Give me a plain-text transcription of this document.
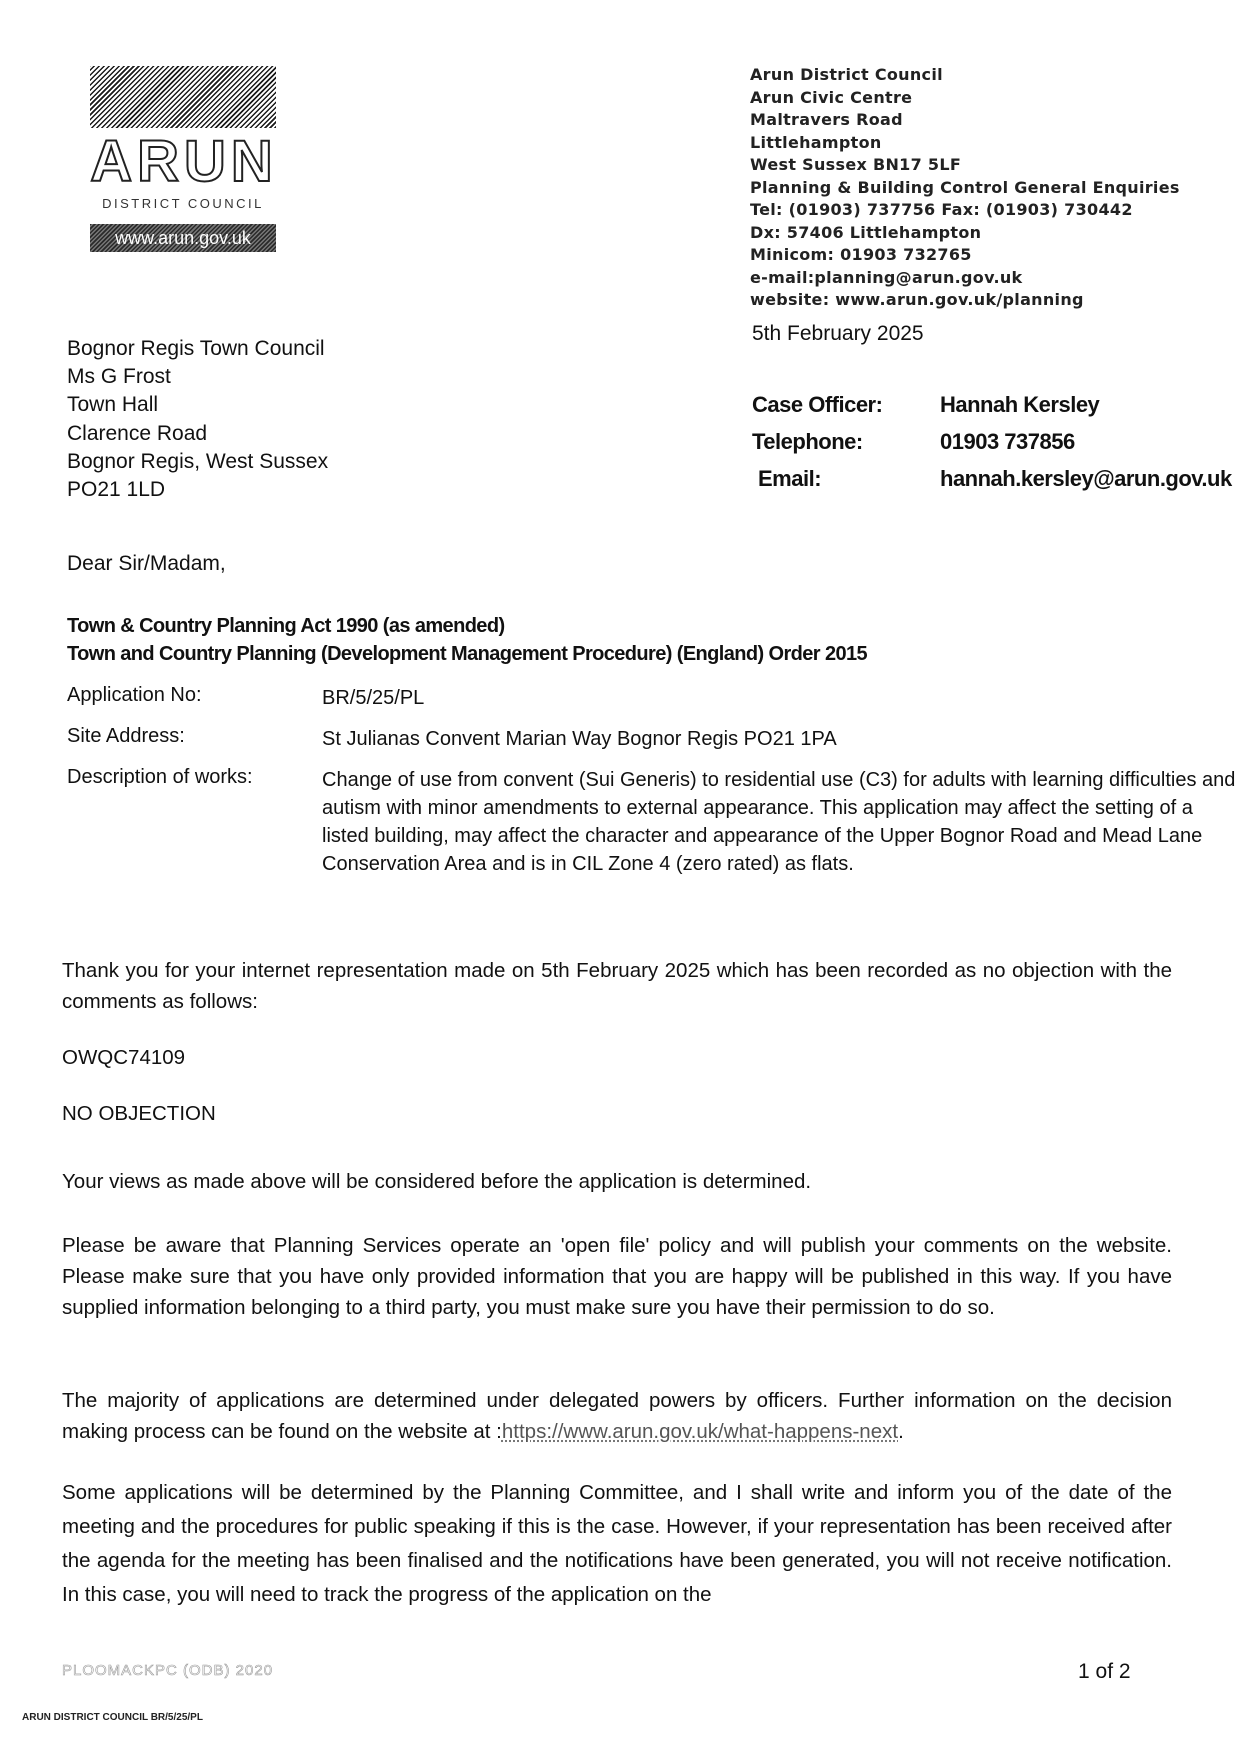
ARUN
DISTRICT COUNCIL
www.arun.gov.uk
Arun District Council
Arun Civic Centre
Maltravers Road
Littlehampton
West Sussex BN17 5LF
Planning & Building Control General Enquiries
Tel: (01903) 737756 Fax: (01903) 730442
Dx: 57406 Littlehampton
Minicom: 01903 732765
e-mail:planning@arun.gov.uk
website: www.arun.gov.uk/planning
5th February 2025
Bognor Regis Town Council
Ms G Frost
Town Hall
Clarence Road
Bognor Regis, West Sussex
PO21 1LD
Case Officer:	Hannah Kersley
Telephone:	01903 737856
Email:	hannah.kersley@arun.gov.uk
Dear Sir/Madam,
Town & Country Planning Act 1990 (as amended)
Town and Country Planning (Development Management Procedure) (England) Order 2015
Application No:	BR/5/25/PL
Site Address:	St Julianas Convent Marian Way Bognor Regis PO21 1PA
Description of works:	Change of use from convent (Sui Generis) to residential use (C3) for adults with learning difficulties and autism with minor amendments to external appearance. This application may affect the setting of a listed building, may affect the character and appearance of the Upper Bognor Road and Mead Lane Conservation Area and is in CIL Zone 4 (zero rated) as flats.
Thank you for your internet representation made on 5th February 2025 which has been recorded as no objection with the comments as follows:
OWQC74109
NO OBJECTION
Your views as made above will be considered before the application is determined.
Please be aware that Planning Services operate an 'open file' policy and will publish your comments on the website. Please make sure that you have only provided information that you are happy will be published in this way. If you have supplied information belonging to a third party, you must make sure you have their permission to do so.
The majority of applications are determined under delegated powers by officers. Further information on the decision making process can be found on the website at :https://www.arun.gov.uk/what-happens-next.
Some applications will be determined by the Planning Committee, and I shall write and inform you of the date of the meeting and the procedures for public speaking if this is the case. However, if your representation has been received after the agenda for the meeting has been finalised and the notifications have been generated, you will not receive notification. In this case, you will need to track the progress of the application on the
PLOOMACKPC (ODB) 2020	1 of 2
ARUN DISTRICT COUNCIL BR/5/25/PL
